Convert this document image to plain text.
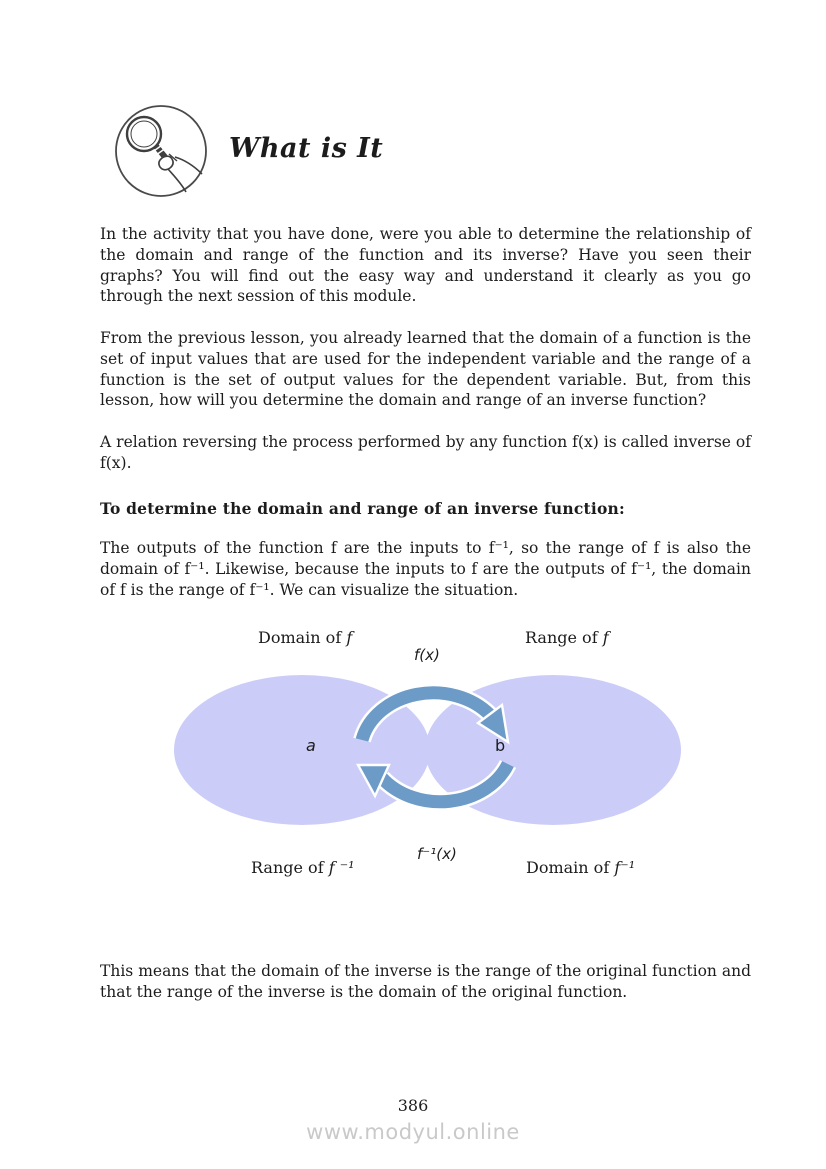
What is It
In the activity that you have done, were you able to determine the relationship of the domain and range of the function and its inverse? Have you seen their graphs? You will find out the easy way and understand it clearly as you go through the next session of this module.
From the previous lesson, you already learned that the domain of a function is the set of input values that are used for the independent variable and the range of a function is the set of output values for the dependent variable. But, from this lesson, how will you determine the domain and range of an inverse function?
A relation reversing the process performed by any function f(x) is called inverse of f(x).
To determine the domain and range of an inverse function:
The outputs of the function f are the inputs to f⁻¹, so the range of f is also the domain of f⁻¹. Likewise, because the inputs to f are the outputs of f⁻¹, the domain of f is the range of f⁻¹. We can visualize the situation.
Domain of f	Range of f
f(x)
a	b
Range of f ⁻¹
f⁻¹(x)
Domain of f⁻¹
This means that the domain of the inverse is the range of the original function and that the range of the inverse is the domain of the original function.
386
www.modyul.online
